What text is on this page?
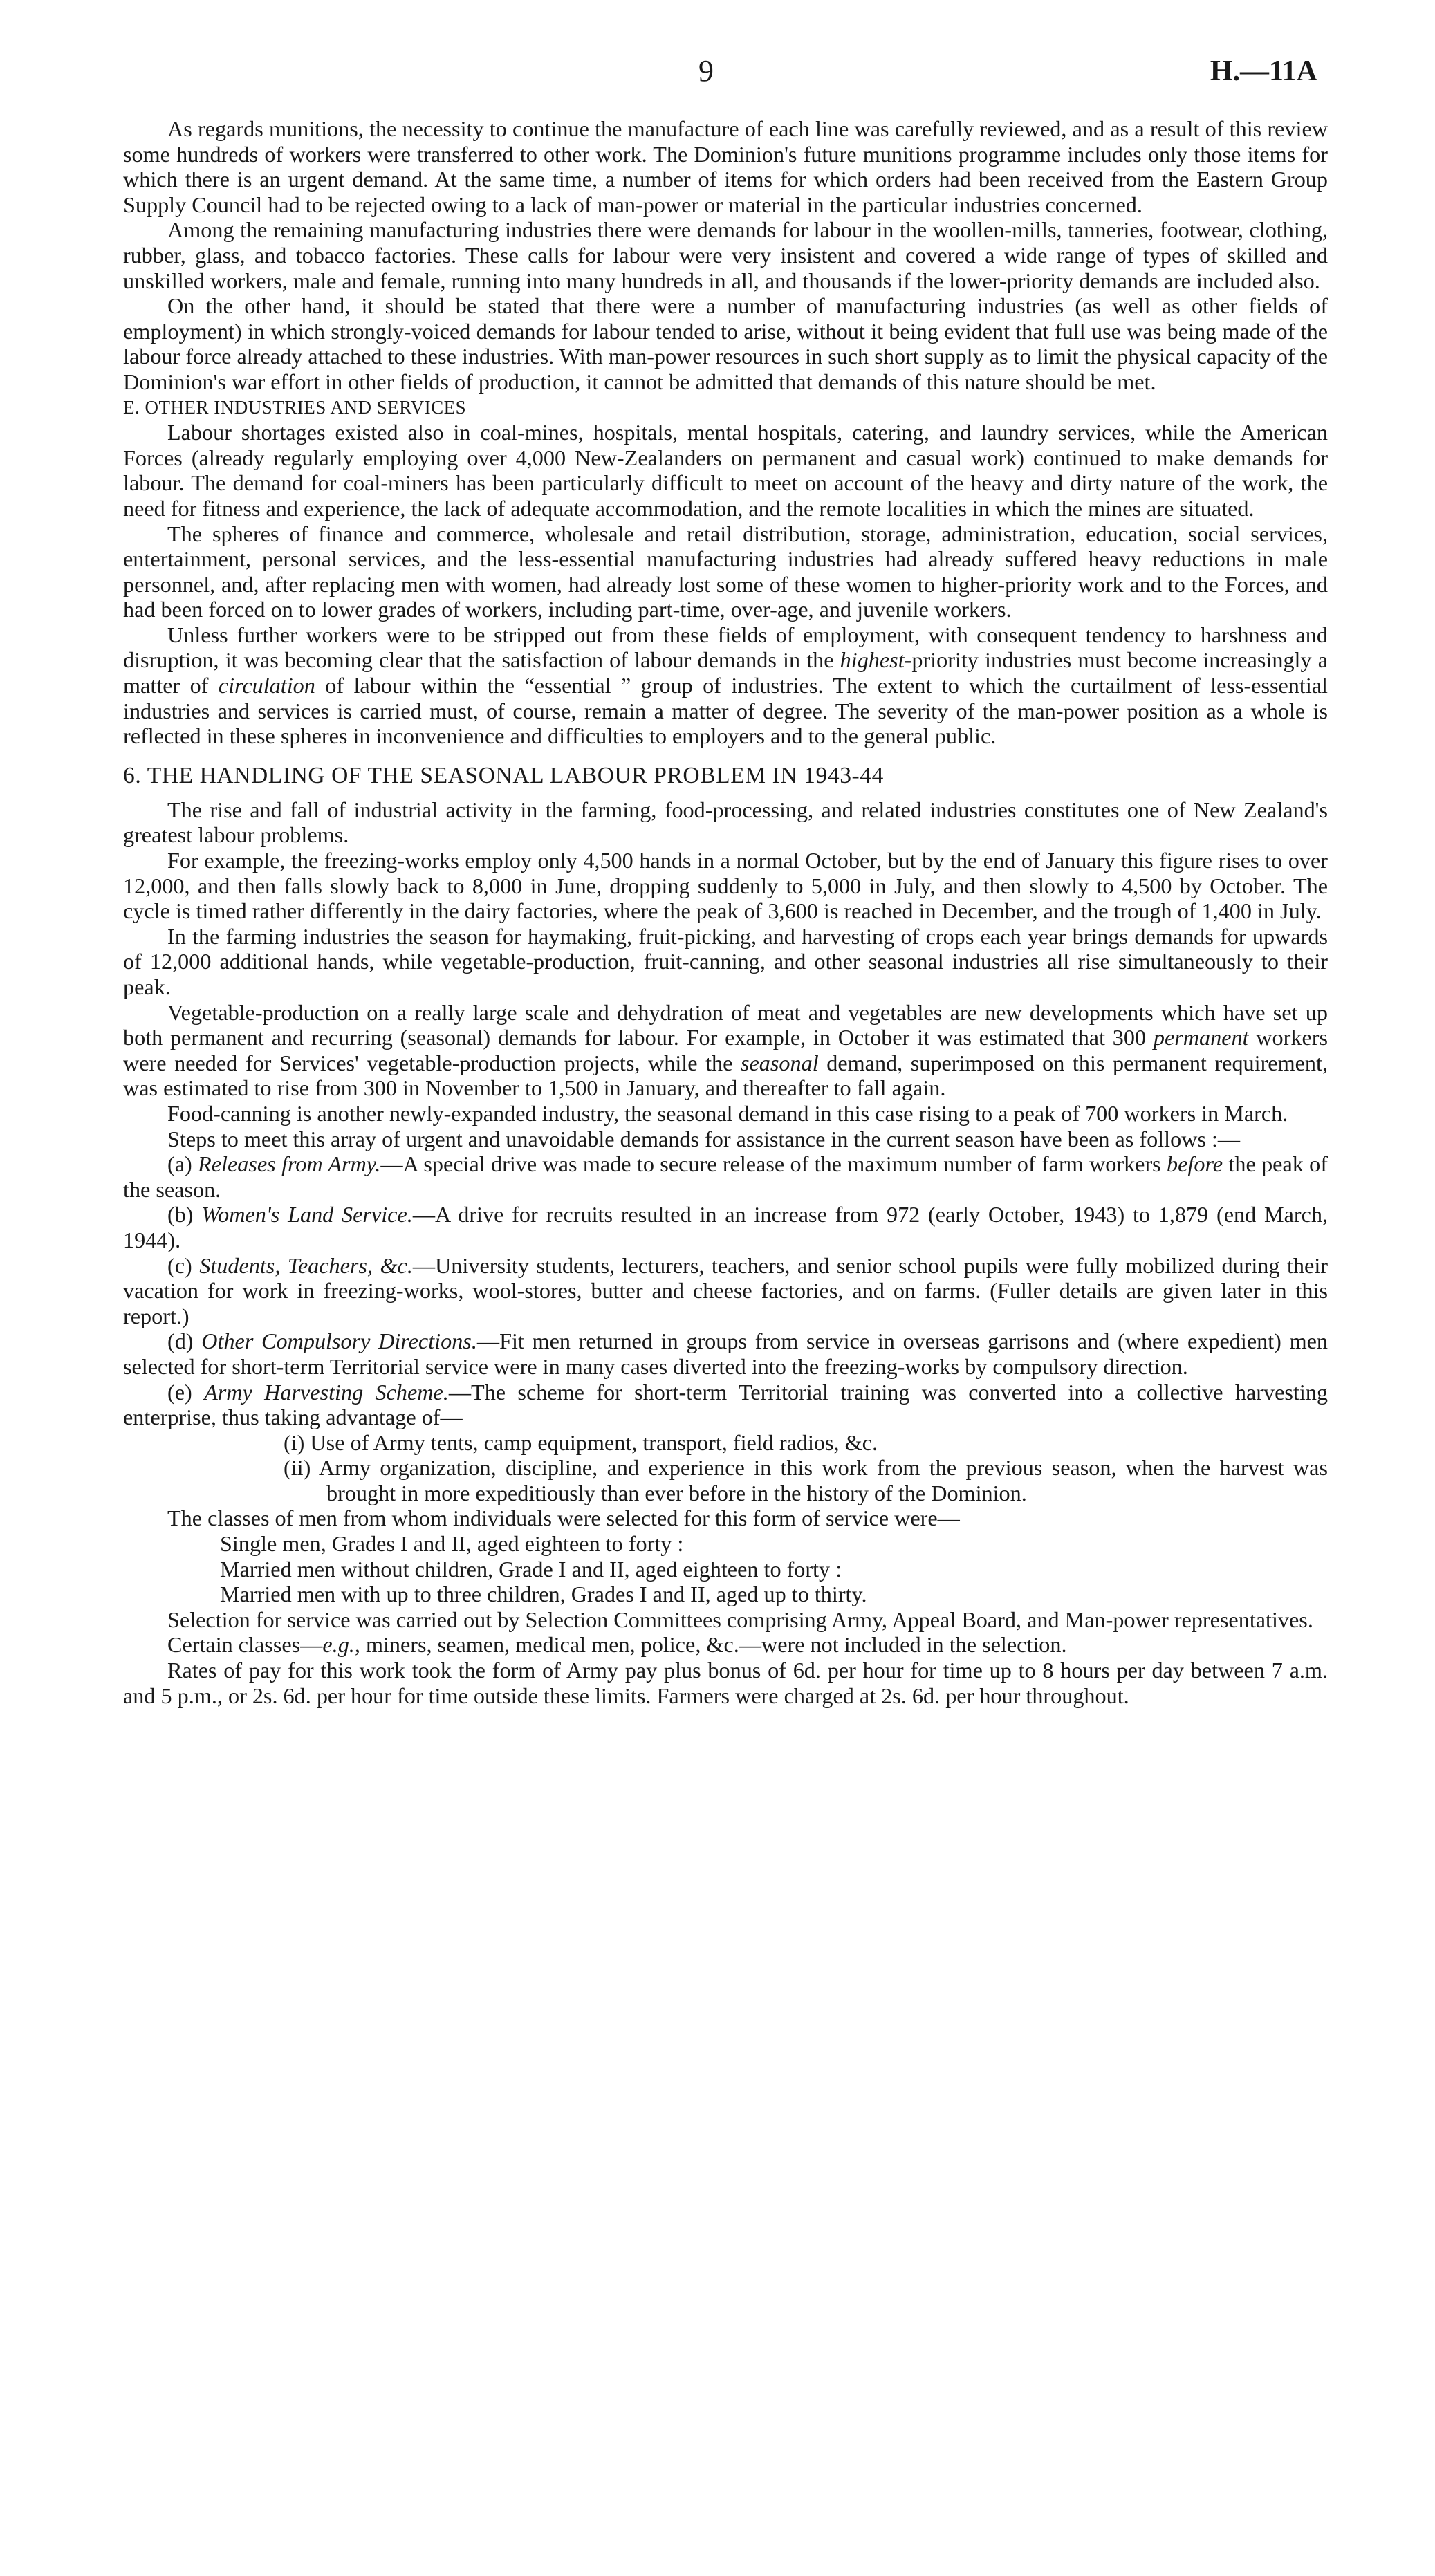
9	H.—11A

As regards munitions, the necessity to continue the manufacture of each line was carefully reviewed, and as a result of this review some hundreds of workers were transferred to other work. The Dominion's future munitions programme includes only those items for which there is an urgent demand. At the same time, a number of items for which orders had been received from the Eastern Group Supply Council had to be rejected owing to a lack of man-power or material in the particular industries concerned.

Among the remaining manufacturing industries there were demands for labour in the woollen-mills, tanneries, footwear, clothing, rubber, glass, and tobacco factories. These calls for labour were very insistent and covered a wide range of types of skilled and unskilled workers, male and female, running into many hundreds in all, and thousands if the lower-priority demands are included also.

On the other hand, it should be stated that there were a number of manufacturing industries (as well as other fields of employment) in which strongly-voiced demands for labour tended to arise, without it being evident that full use was being made of the labour force already attached to these industries. With man-power resources in such short supply as to limit the physical capacity of the Dominion's war effort in other fields of production, it cannot be admitted that demands of this nature should be met.

E. OTHER INDUSTRIES AND SERVICES

Labour shortages existed also in coal-mines, hospitals, mental hospitals, catering, and laundry services, while the American Forces (already regularly employing over 4,000 New-Zealanders on permanent and casual work) continued to make demands for labour. The demand for coal-miners has been particularly difficult to meet on account of the heavy and dirty nature of the work, the need for fitness and experience, the lack of adequate accommodation, and the remote localities in which the mines are situated.

The spheres of finance and commerce, wholesale and retail distribution, storage, administration, education, social services, entertainment, personal services, and the less-essential manufacturing industries had already suffered heavy reductions in male personnel, and, after replacing men with women, had already lost some of these women to higher-priority work and to the Forces, and had been forced on to lower grades of workers, including part-time, over-age, and juvenile workers.

Unless further workers were to be stripped out from these fields of employment, with consequent tendency to harshness and disruption, it was becoming clear that the satisfaction of labour demands in the highest-priority industries must become increasingly a matter of circulation of labour within the “essential ” group of industries. The extent to which the curtailment of less-essential industries and services is carried must, of course, remain a matter of degree. The severity of the man-power position as a whole is reflected in these spheres in inconvenience and difficulties to employers and to the general public.

6. THE HANDLING OF THE SEASONAL LABOUR PROBLEM IN 1943-44

The rise and fall of industrial activity in the farming, food-processing, and related industries constitutes one of New Zealand's greatest labour problems.

For example, the freezing-works employ only 4,500 hands in a normal October, but by the end of January this figure rises to over 12,000, and then falls slowly back to 8,000 in June, dropping suddenly to 5,000 in July, and then slowly to 4,500 by October. The cycle is timed rather differently in the dairy factories, where the peak of 3,600 is reached in December, and the trough of 1,400 in July.

In the farming industries the season for haymaking, fruit-picking, and harvesting of crops each year brings demands for upwards of 12,000 additional hands, while vegetable-production, fruit-canning, and other seasonal industries all rise simultaneously to their peak.

Vegetable-production on a really large scale and dehydration of meat and vegetables are new developments which have set up both permanent and recurring (seasonal) demands for labour. For example, in October it was estimated that 300 permanent workers were needed for Services' vegetable-production projects, while the seasonal demand, superimposed on this permanent requirement, was estimated to rise from 300 in November to 1,500 in January, and thereafter to fall again.

Food-canning is another newly-expanded industry, the seasonal demand in this case rising to a peak of 700 workers in March.

Steps to meet this array of urgent and unavoidable demands for assistance in the current season have been as follows :—

(a) Releases from Army.—A special drive was made to secure release of the maximum number of farm workers before the peak of the season.

(b) Women's Land Service.—A drive for recruits resulted in an increase from 972 (early October, 1943) to 1,879 (end March, 1944).

(c) Students, Teachers, &c.—University students, lecturers, teachers, and senior school pupils were fully mobilized during their vacation for work in freezing-works, wool-stores, butter and cheese factories, and on farms. (Fuller details are given later in this report.)

(d) Other Compulsory Directions.—Fit men returned in groups from service in overseas garrisons and (where expedient) men selected for short-term Territorial service were in many cases diverted into the freezing-works by compulsory direction.

(e) Army Harvesting Scheme.—The scheme for short-term Territorial training was converted into a collective harvesting enterprise, thus taking advantage of—

(i) Use of Army tents, camp equipment, transport, field radios, &c.

(ii) Army organization, discipline, and experience in this work from the previous season, when the harvest was brought in more expeditiously than ever before in the history of the Dominion.

The classes of men from whom individuals were selected for this form of service were—

Single men, Grades I and II, aged eighteen to forty :

Married men without children, Grade I and II, aged eighteen to forty :

Married men with up to three children, Grades I and II, aged up to thirty.

Selection for service was carried out by Selection Committees comprising Army, Appeal Board, and Man-power representatives.

Certain classes—e.g., miners, seamen, medical men, police, &c.—were not included in the selection.

Rates of pay for this work took the form of Army pay plus bonus of 6d. per hour for time up to 8 hours per day between 7 a.m. and 5 p.m., or 2s. 6d. per hour for time outside these limits. Farmers were charged at 2s. 6d. per hour throughout.
